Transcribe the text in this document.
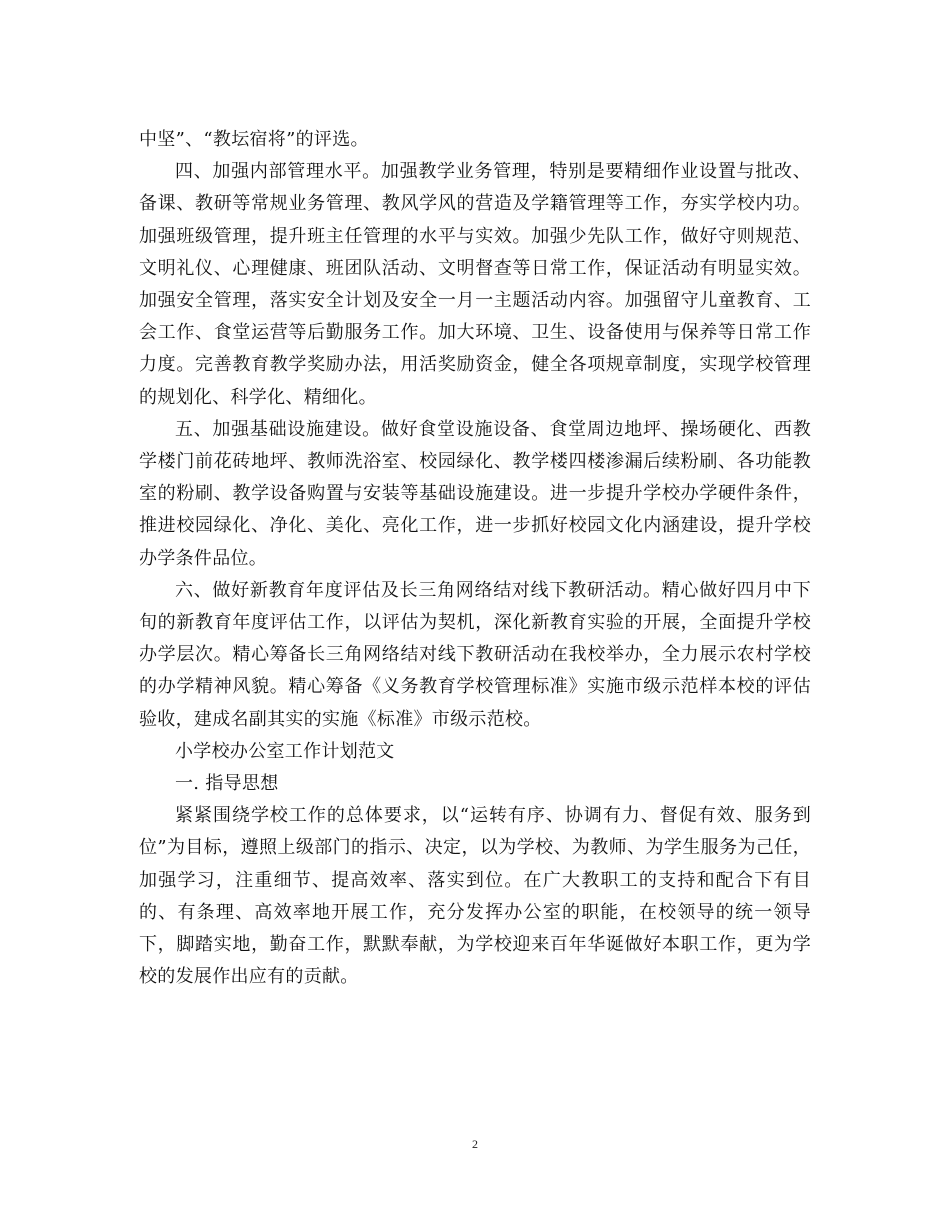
中坚”、“教坛宿将”的评选。

四、加强内部管理水平。加强教学业务管理，特别是要精细作业设置与批改、备课、教研等常规业务管理、教风学风的营造及学籍管理等工作，夯实学校内功。加强班级管理，提升班主任管理的水平与实效。加强少先队工作，做好守则规范、文明礼仪、心理健康、班团队活动、文明督查等日常工作，保证活动有明显实效。加强安全管理，落实安全计划及安全一月一主题活动内容。加强留守儿童教育、工会工作、食堂运营等后勤服务工作。加大环境、卫生、设备使用与保养等日常工作力度。完善教育教学奖励办法，用活奖励资金，健全各项规章制度，实现学校管理的规划化、科学化、精细化。

五、加强基础设施建设。做好食堂设施设备、食堂周边地坪、操场硬化、西教学楼门前花砖地坪、教师洗浴室、校园绿化、教学楼四楼渗漏后续粉刷、各功能教室的粉刷、教学设备购置与安装等基础设施建设。进一步提升学校办学硬件条件，推进校园绿化、净化、美化、亮化工作，进一步抓好校园文化内涵建设，提升学校办学条件品位。

六、做好新教育年度评估及长三角网络结对线下教研活动。精心做好四月中下旬的新教育年度评估工作，以评估为契机，深化新教育实验的开展，全面提升学校办学层次。精心筹备长三角网络结对线下教研活动在我校举办，全力展示农村学校的办学精神风貌。精心筹备《义务教育学校管理标准》实施市级示范样本校的评估验收，建成名副其实的实施《标准》市级示范校。

小学校办公室工作计划范文

一. 指导思想

紧紧围绕学校工作的总体要求，以“运转有序、协调有力、督促有效、服务到位”为目标，遵照上级部门的指示、决定，以为学校、为教师、为学生服务为己任，加强学习，注重细节、提高效率、落实到位。在广大教职工的支持和配合下有目的、有条理、高效率地开展工作，充分发挥办公室的职能，在校领导的统一领导下，脚踏实地，勤奋工作，默默奉献，为学校迎来百年华诞做好本职工作，更为学校的发展作出应有的贡献。

2
